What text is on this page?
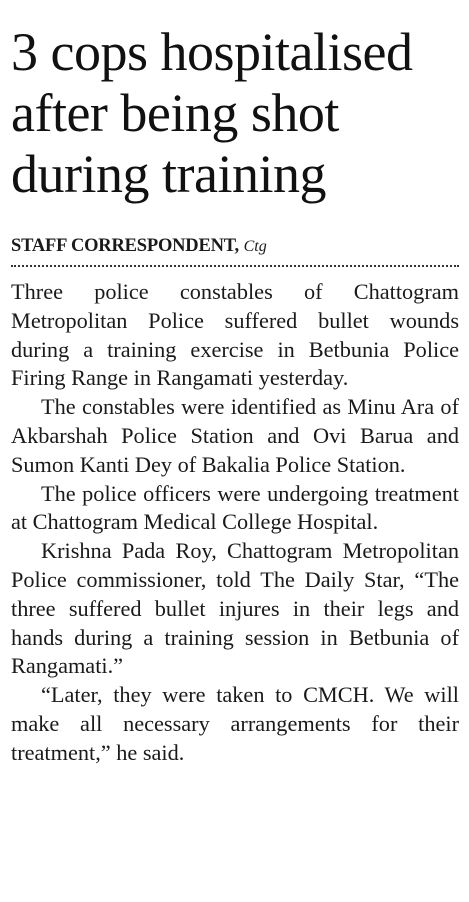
3 cops hospitalised
after being shot
during training
STAFF CORRESPONDENT, Ctg

Three police constables of Chattogram Metropolitan Police suffered bullet wounds during a training exercise in Betbunia Police Firing Range in Rangamati yesterday.

The constables were identified as Minu Ara of Akbarshah Police Station and Ovi Barua and Sumon Kanti Dey of Bakalia Police Station.

The police officers were undergoing treatment at Chattogram Medical College Hospital.

Krishna Pada Roy, Chattogram Metropolitan Police commissioner, told The Daily Star, “The three suffered bullet injures in their legs and hands during a training session in Betbunia of Rangamati.”

“Later, they were taken to CMCH. We will make all necessary arrangements for their treatment,” he said.
